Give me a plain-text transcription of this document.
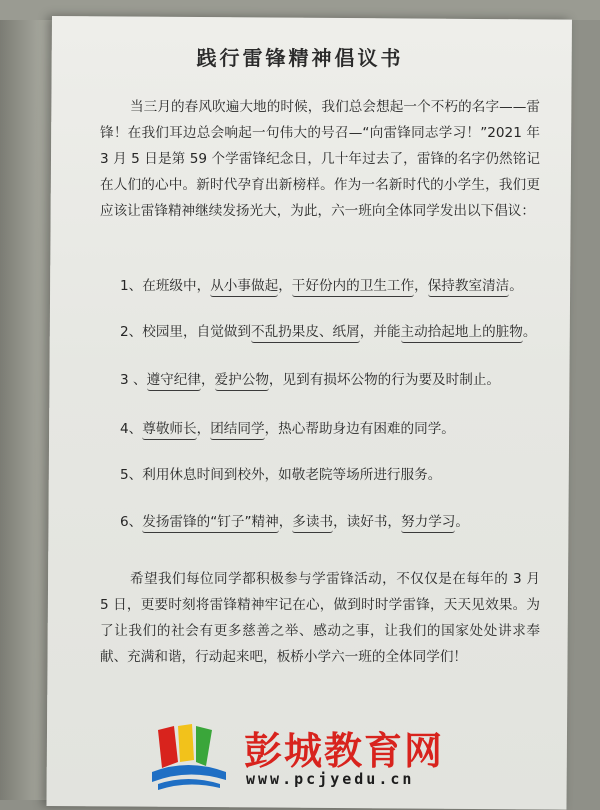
践行雷锋精神倡议书
当三月的春风吹遍大地的时候，我们总会想起一个不朽的名字——雷锋！在我们耳边总会响起一句伟大的号召—“向雷锋同志学习！”2021 年 3 月 5 日是第 59 个学雷锋纪念日，几十年过去了，雷锋的名字仍然铭记在人们的心中。新时代孕育出新榜样。作为一名新时代的小学生，我们更应该让雷锋精神继续发扬光大，为此，六一班向全体同学发出以下倡议：
1、在班级中，从小事做起，干好份内的卫生工作，保持教室清洁。
2、校园里，自觉做到不乱扔果皮、纸屑，并能主动拾起地上的脏物。
3 、遵守纪律，爱护公物，见到有损坏公物的行为要及时制止。
4、尊敬师长，团结同学，热心帮助身边有困难的同学。
5、利用休息时间到校外，如敬老院等场所进行服务。
6、发扬雷锋的“钉子”精神，多读书，读好书，努力学习。
希望我们每位同学都积极参与学雷锋活动，不仅仅是在每年的 3 月 5 日，更要时刻将雷锋精神牢记在心，做到时时学雷锋，天天见效果。为了让我们的社会有更多慈善之举、感动之事，让我们的国家处处讲求奉献、充满和谐，行动起来吧，板桥小学六一班的全体同学们！
彭城教育网
www.pcjyedu.cn
